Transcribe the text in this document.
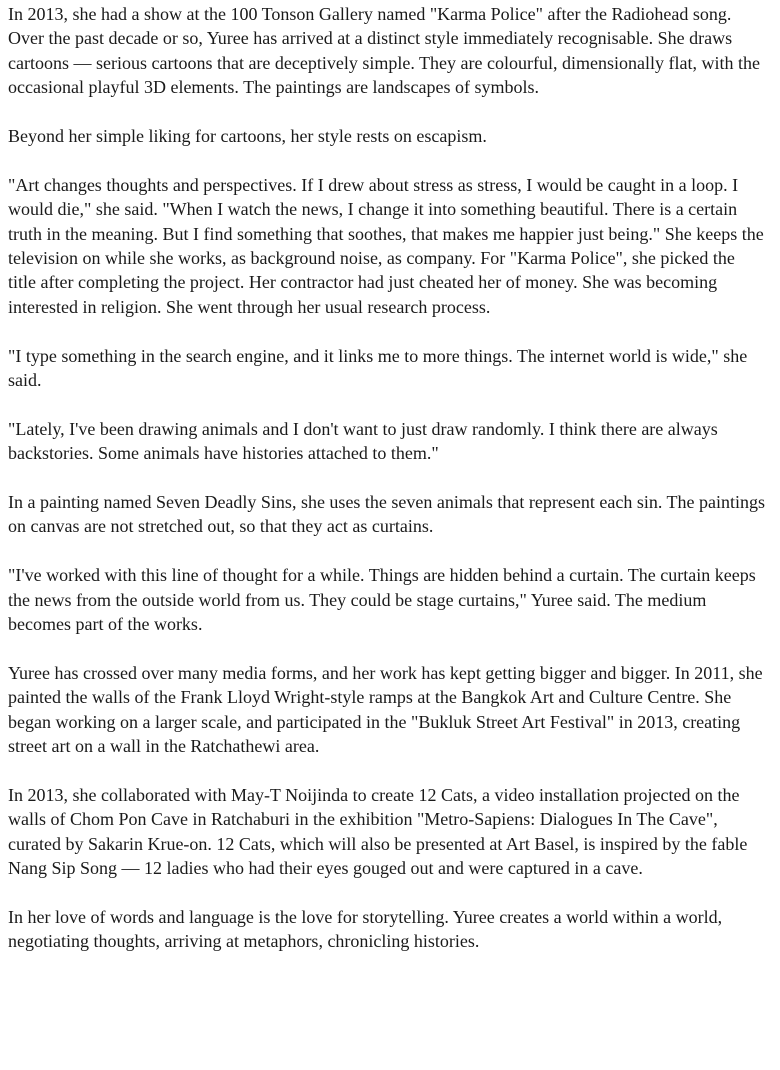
In 2013, she had a show at the 100 Tonson Gallery named "Karma Police" after the Radiohead song. Over the past decade or so, Yuree has arrived at a distinct style immediately recognisable. She draws cartoons — serious cartoons that are deceptively simple. They are colourful, dimensionally flat, with the occasional playful 3D elements. The paintings are landscapes of symbols.

Beyond her simple liking for cartoons, her style rests on escapism.

"Art changes thoughts and perspectives. If I drew about stress as stress, I would be caught in a loop. I would die," she said. "When I watch the news, I change it into something beautiful. There is a certain truth in the meaning. But I find something that soothes, that makes me happier just being." She keeps the television on while she works, as background noise, as company. For "Karma Police", she picked the title after completing the project. Her contractor had just cheated her of money. She was becoming interested in religion. She went through her usual research process.

"I type something in the search engine, and it links me to more things. The internet world is wide," she said.

"Lately, I've been drawing animals and I don't want to just draw randomly. I think there are always backstories. Some animals have histories attached to them."

In a painting named Seven Deadly Sins, she uses the seven animals that represent each sin. The paintings on canvas are not stretched out, so that they act as curtains.

"I've worked with this line of thought for a while. Things are hidden behind a curtain. The curtain keeps the news from the outside world from us. They could be stage curtains," Yuree said. The medium becomes part of the works.

Yuree has crossed over many media forms, and her work has kept getting bigger and bigger. In 2011, she painted the walls of the Frank Lloyd Wright-style ramps at the Bangkok Art and Culture Centre. She began working on a larger scale, and participated in the "Bukluk Street Art Festival" in 2013, creating street art on a wall in the Ratchathewi area.

In 2013, she collaborated with May-T Noijinda to create 12 Cats, a video installation projected on the walls of Chom Pon Cave in Ratchaburi in the exhibition "Metro-Sapiens: Dialogues In The Cave", curated by Sakarin Krue-on. 12 Cats, which will also be presented at Art Basel, is inspired by the fable Nang Sip Song — 12 ladies who had their eyes gouged out and were captured in a cave.

In her love of words and language is the love for storytelling. Yuree creates a world within a world, negotiating thoughts, arriving at metaphors, chronicling histories.
